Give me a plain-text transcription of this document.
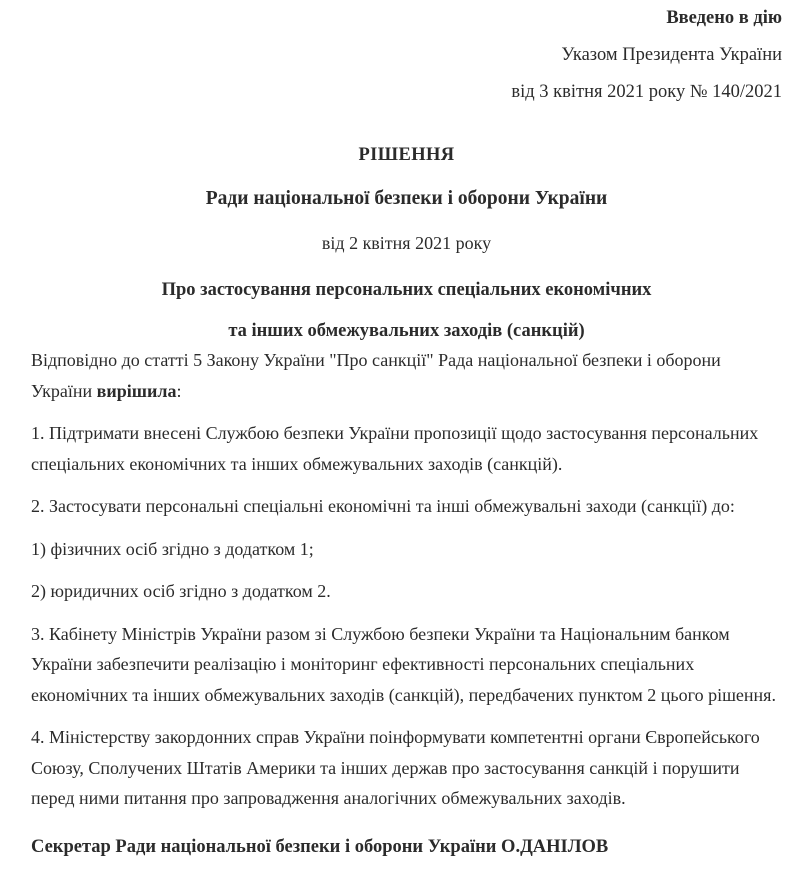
Введено в дію
Указом Президента України
від 3 квітня 2021 року № 140/2021
РІШЕННЯ
Ради національної безпеки і оборони України
від 2 квітня 2021 року
Про застосування персональних спеціальних економічних
та інших обмежувальних заходів (санкцій)

Відповідно до статті 5 Закону України "Про санкції" Рада національної безпеки і оборони України вирішила:

1. Підтримати внесені Службою безпеки України пропозиції щодо застосування персональних спеціальних економічних та інших обмежувальних заходів (санкцій).

2. Застосувати персональні спеціальні економічні та інші обмежувальні заходи (санкції) до:

1) фізичних осіб згідно з додатком 1;

2) юридичних осіб згідно з додатком 2.

3. Кабінету Міністрів України разом зі Службою безпеки України та Національним банком України забезпечити реалізацію і моніторинг ефективності персональних спеціальних економічних та інших обмежувальних заходів (санкцій), передбачених пунктом 2 цього рішення.

4. Міністерству закордонних справ України поінформувати компетентні органи Європейського Союзу, Сполучених Штатів Америки та інших держав про застосування санкцій і порушити перед ними питання про запровадження аналогічних обмежувальних заходів.

Секретар Ради національної безпеки і оборони України О.ДАНІЛОВ
